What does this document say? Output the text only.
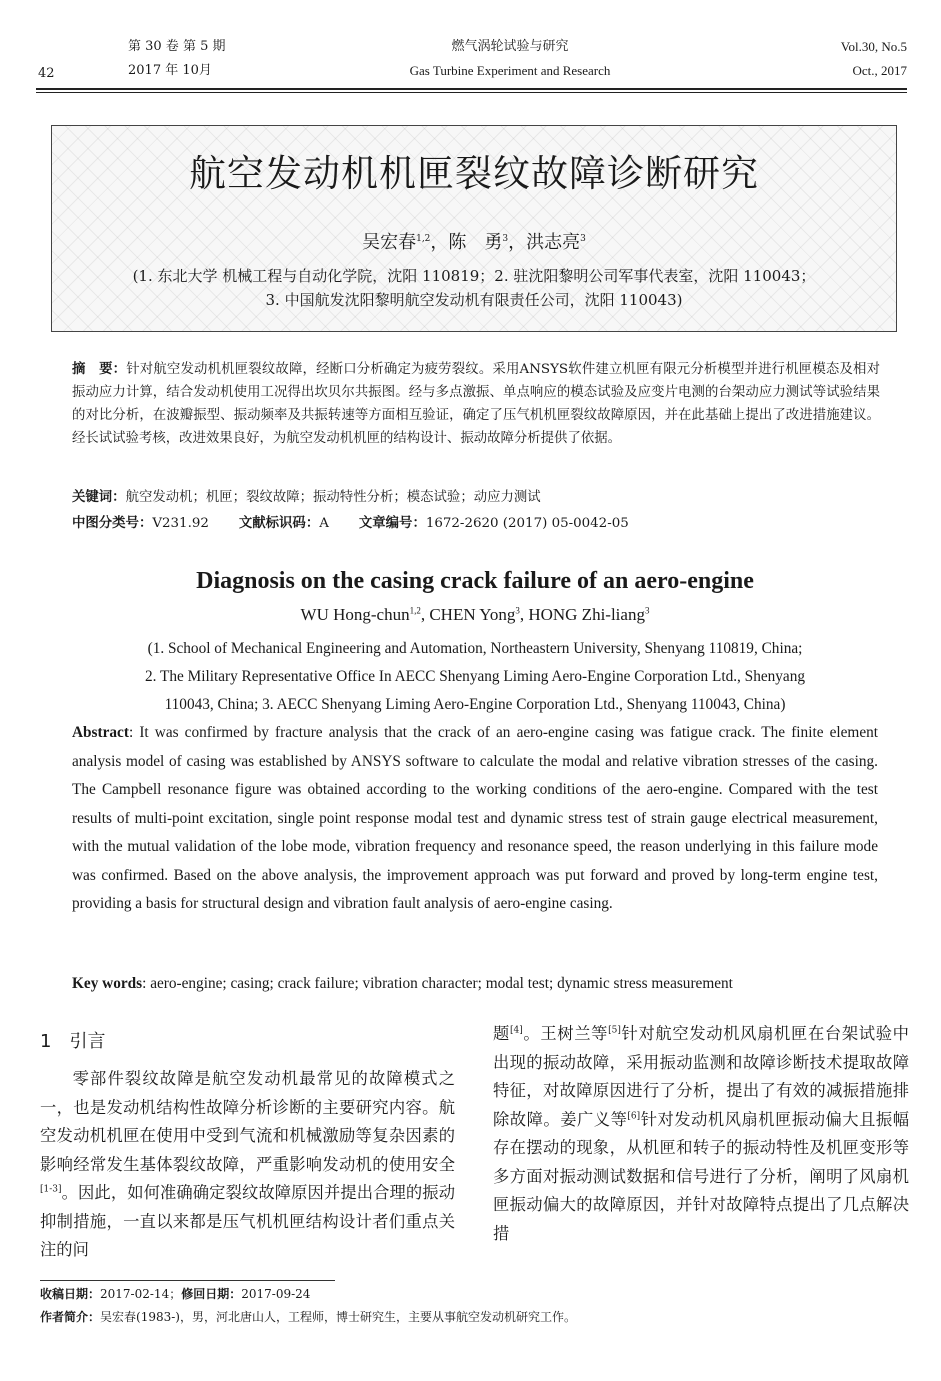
42
第 30 卷 第 5 期
2017 年 10月
燃气涡轮试验与研究
Gas Turbine Experiment and Research
Vol.30, No.5
Oct., 2017
航空发动机机匣裂纹故障诊断研究
吴宏春$^{1,2}$，陈　勇$^3$，洪志亮$^3$
(1. 东北大学 机械工程与自动化学院，沈阳 110819；2. 驻沈阳黎明公司军事代表室，沈阳 110043；
3. 中国航发沈阳黎明航空发动机有限责任公司，沈阳 110043)
摘　要：针对航空发动机机匣裂纹故障，经断口分析确定为疲劳裂纹。采用ANSYS软件建立机匣有限元分析模型并进行机匣模态及相对振动应力计算，结合发动机使用工况得出坎贝尔共振图。经与多点激振、单点响应的模态试验及应变片电测的台架动应力测试等试验结果的对比分析，在波瓣振型、振动频率及共振转速等方面相互验证，确定了压气机机匣裂纹故障原因，并在此基础上提出了改进措施建议。经长试试验考核，改进效果良好，为航空发动机机匣的结构设计、振动故障分析提供了依据。
关键词：航空发动机；机匣；裂纹故障；振动特性分析；模态试验；动应力测试
中图分类号：V231.92 文献标识码：A 文章编号：1672-2620 (2017) 05-0042-05
Diagnosis on the casing crack failure of an aero-engine
WU Hong-chun$^{1,2}$, CHEN Yong$^3$, HONG Zhi-liang$^3$
(1. School of Mechanical Engineering and Automation, Northeastern University, Shenyang 110819, China;
2. The Military Representative Office In AECC Shenyang Liming Aero-Engine Corporation Ltd., Shenyang
110043, China; 3. AECC Shenyang Liming Aero-Engine Corporation Ltd., Shenyang 110043, China)
Abstract: It was confirmed by fracture analysis that the crack of an aero-engine casing was fatigue crack. The finite element analysis model of casing was established by ANSYS software to calculate the modal and relative vibration stresses of the casing. The Campbell resonance figure was obtained according to the working conditions of the aero-engine. Compared with the test results of multi-point excitation, single point response modal test and dynamic stress test of strain gauge electrical measurement, with the mutual validation of the lobe mode, vibration frequency and resonance speed, the reason underlying in this failure mode was confirmed. Based on the above analysis, the improvement approach was put forward and proved by long-term engine test, providing a basis for structural design and vibration fault analysis of aero-engine casing.
Key words: aero-engine; casing; crack failure; vibration character; modal test; dynamic stress measurement
1　引言
零部件裂纹故障是航空发动机最常见的故障模式之一，也是发动机结构性故障分析诊断的主要研究内容。航空发动机机匣在使用中受到气流和机械激励等复杂因素的影响经常发生基体裂纹故障，严重影响发动机的使用安全[1-3]。因此，如何准确确定裂纹故障原因并提出合理的振动抑制措施，一直以来都是压气机机匣结构设计者们重点关注的问
题[4]。王树兰等[5]针对航空发动机风扇机匣在台架试验中出现的振动故障，采用振动监测和故障诊断技术提取故障特征，对故障原因进行了分析，提出了有效的减振措施排除故障。姜广义等[6]针对发动机风扇机匣振动偏大且振幅存在摆动的现象，从机匣和转子的振动特性及机匣变形等多方面对振动测试数据和信号进行了分析，阐明了风扇机匣振动偏大的故障原因，并针对故障特点提出了几点解决措
收稿日期：2017-02-14；修回日期：2017-09-24
作者简介：吴宏春(1983-)，男，河北唐山人，工程师，博士研究生，主要从事航空发动机研究工作。
